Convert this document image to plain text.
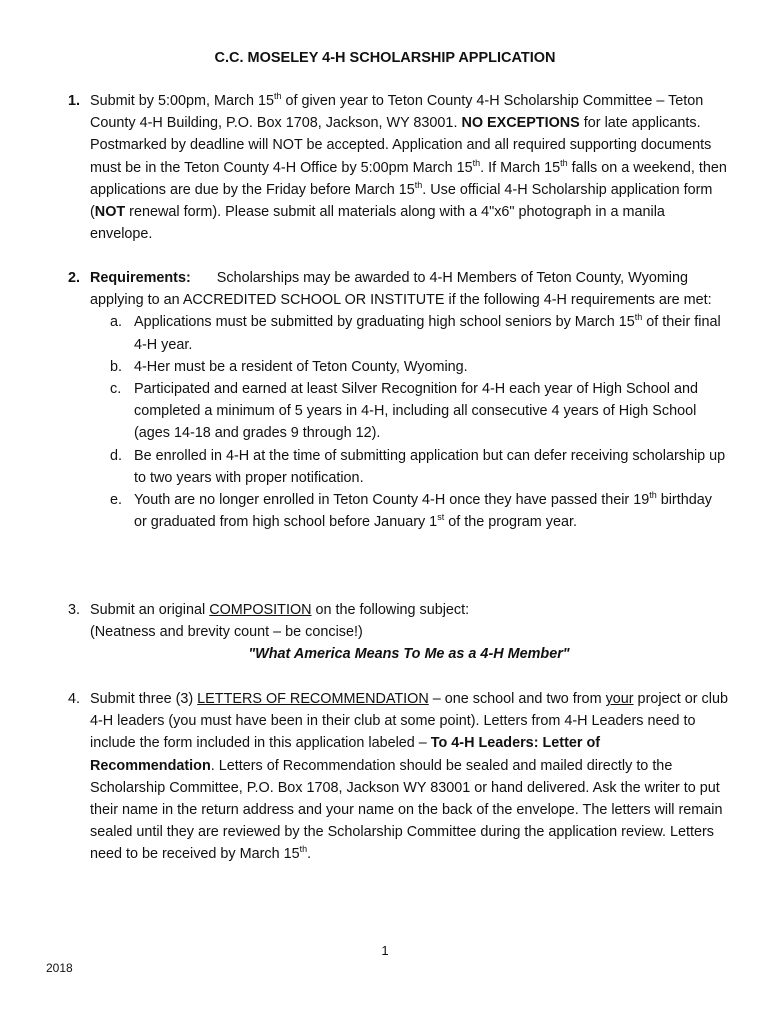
C.C. MOSELEY 4-H SCHOLARSHIP APPLICATION
1. Submit by 5:00pm, March 15th of given year to Teton County 4-H Scholarship Committee – Teton County 4-H Building, P.O. Box 1708, Jackson, WY 83001. NO EXCEPTIONS for late applicants. Postmarked by deadline will NOT be accepted. Application and all required supporting documents must be in the Teton County 4-H Office by 5:00pm March 15th. If March 15th falls on a weekend, then applications are due by the Friday before March 15th. Use official 4-H Scholarship application form (NOT renewal form). Please submit all materials along with a 4"x6" photograph in a manila envelope.
2. Requirements: Scholarships may be awarded to 4-H Members of Teton County, Wyoming applying to an ACCREDITED SCHOOL OR INSTITUTE if the following 4-H requirements are met:
a. Applications must be submitted by graduating high school seniors by March 15th of their final 4-H year.
b. 4-Her must be a resident of Teton County, Wyoming.
c. Participated and earned at least Silver Recognition for 4-H each year of High School and completed a minimum of 5 years in 4-H, including all consecutive 4 years of High School (ages 14-18 and grades 9 through 12).
d. Be enrolled in 4-H at the time of submitting application but can defer receiving scholarship up to two years with proper notification.
e. Youth are no longer enrolled in Teton County 4-H once they have passed their 19th birthday or graduated from high school before January 1st of the program year.
3. Submit an original COMPOSITION on the following subject:
(Neatness and brevity count – be concise!)
"What America Means To Me as a 4-H Member"
4. Submit three (3) LETTERS OF RECOMMENDATION – one school and two from your project or club 4-H leaders (you must have been in their club at some point). Letters from 4-H Leaders need to include the form included in this application labeled – To 4-H Leaders: Letter of Recommendation. Letters of Recommendation should be sealed and mailed directly to the Scholarship Committee, P.O. Box 1708, Jackson WY 83001 or hand delivered. Ask the writer to put their name in the return address and your name on the back of the envelope. The letters will remain sealed until they are reviewed by the Scholarship Committee during the application review. Letters need to be received by March 15th.
1
2018
